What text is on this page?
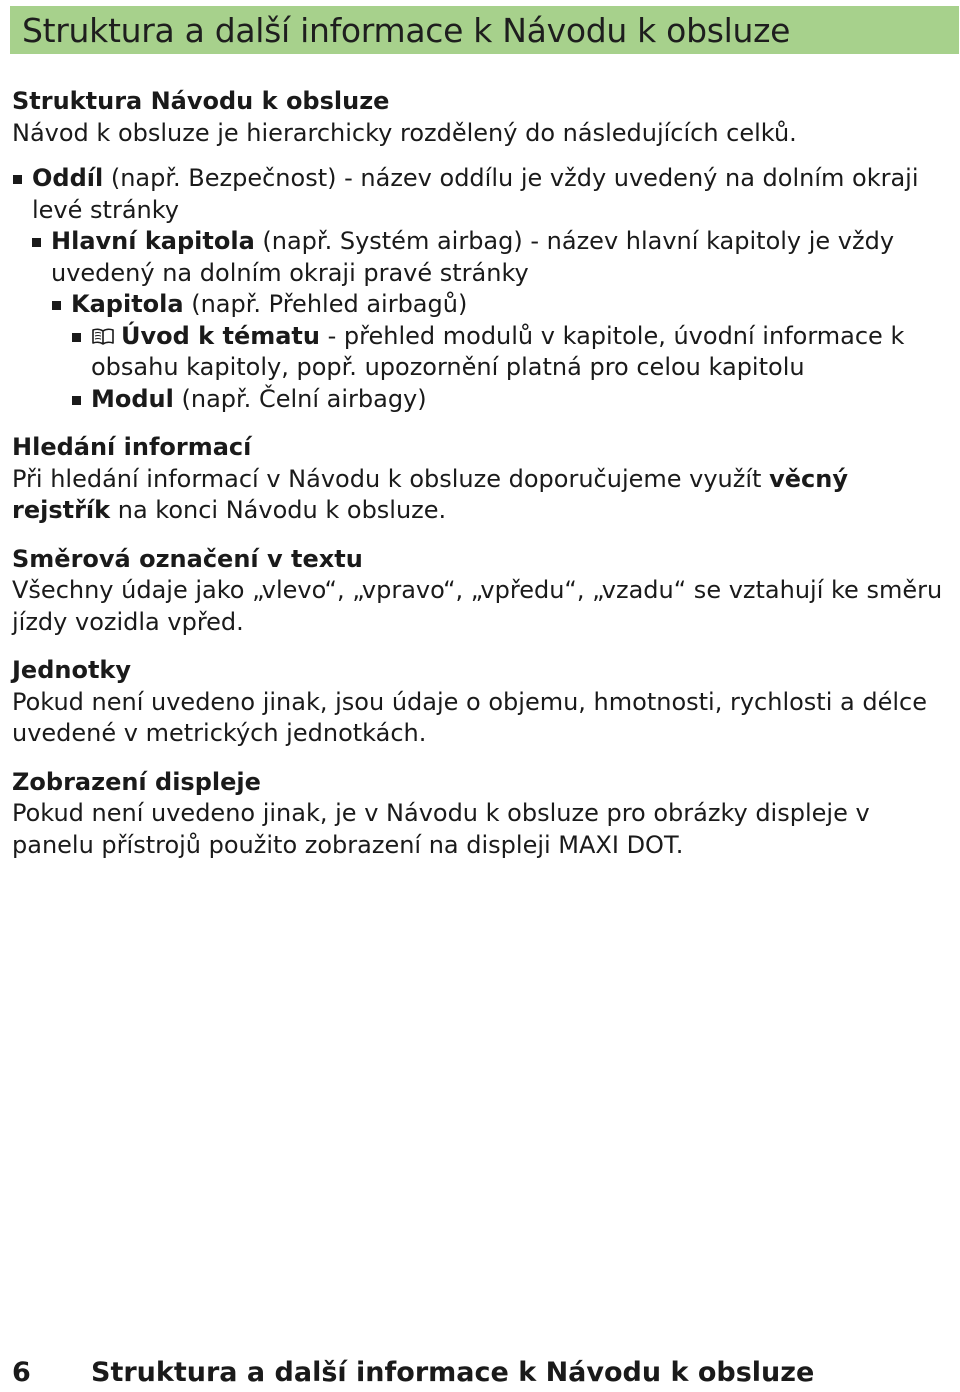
Struktura a další informace k Návodu k obsluze

Struktura Návodu k obsluze

Návod k obsluze je hierarchicky rozdělený do následujících celků.

Oddíl (např. Bezpečnost) - název oddílu je vždy uvedený na dolním okraji levé stránky
Hlavní kapitola (např. Systém airbag) - název hlavní kapitoly je vždy uvedený na dolním okraji pravé stránky
Kapitola (např. Přehled airbagů)
Úvod k tématu - přehled modulů v kapitole, úvodní informace k obsahu kapitoly, popř. upozornění platná pro celou kapitolu
Modul (např. Čelní airbagy)

Hledání informací

Při hledání informací v Návodu k obsluze doporučujeme využít věcný rejstřík na konci Návodu k obsluze.

Směrová označení v textu

Všechny údaje jako „vlevo“, „vpravo“, „vpředu“, „vzadu“ se vztahují ke směru jízdy vozidla vpřed.

Jednotky

Pokud není uvedeno jinak, jsou údaje o objemu, hmotnosti, rychlosti a délce uvedené v metrických jednotkách.

Zobrazení displeje

Pokud není uvedeno jinak, je v Návodu k obsluze pro obrázky displeje v panelu přístrojů použito zobrazení na displeji MAXI DOT.

6 Struktura a další informace k Návodu k obsluze
